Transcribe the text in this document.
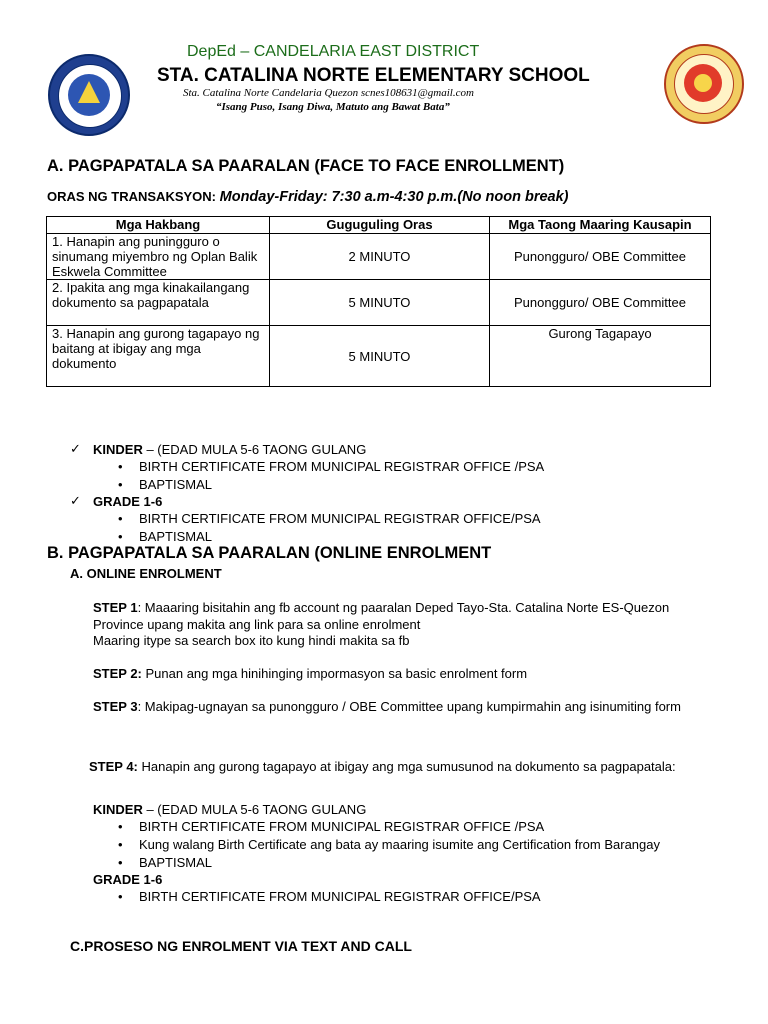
DepEd – CANDELARIA EAST DISTRICT
STA. CATALINA NORTE ELEMENTARY SCHOOL
Sta. Catalina Norte Candelaria Quezon scnes108631@gmail.com
“Isang Puso, Isang Diwa, Matuto ang Bawat Bata”
A. PAGPAPATALA SA PAARALAN (FACE TO FACE ENROLLMENT)
ORAS NG TRANSAKSYON: Monday-Friday: 7:30 a.m-4:30 p.m.(No noon break)
Mga Hakbang	Guguguling Oras	Mga Taong Maaring Kausapin
1. Hanapin ang puningguro o sinumang miyembro ng Oplan Balik Eskwela Committee	2 MINUTO	Punongguro/ OBE Committee
2. Ipakita ang mga kinakailangang dokumento sa pagpapatala	5 MINUTO	Punongguro/ OBE Committee
3. Hanapin ang gurong tagapayo ng baitang at ibigay ang mga dokumento	5 MINUTO	Gurong Tagapayo
✓ KINDER – (EDAD MULA 5-6 TAONG GULANG
• BIRTH CERTIFICATE FROM MUNICIPAL REGISTRAR OFFICE /PSA
• BAPTISMAL
✓ GRADE 1-6
• BIRTH CERTIFICATE FROM MUNICIPAL REGISTRAR OFFICE/PSA
• BAPTISMAL
B. PAGPAPATALA SA PAARALAN (ONLINE ENROLMENT
A. ONLINE ENROLMENT
STEP 1: Maaaring bisitahin ang fb account ng paaralan Deped Tayo-Sta. Catalina Norte ES-Quezon Province upang makita ang link para sa online enrolment
Maaring itype sa search box ito kung hindi makita sa fb
STEP 2: Punan ang mga hinihinging impormasyon sa basic enrolment form
STEP 3: Makipag-ugnayan sa punongguro / OBE Committee upang kumpirmahin ang isinumiting form
STEP 4: Hanapin ang gurong tagapayo at ibigay ang mga sumusunod na dokumento sa pagpapatala:
KINDER – (EDAD MULA 5-6 TAONG GULANG
• BIRTH CERTIFICATE FROM MUNICIPAL REGISTRAR OFFICE /PSA
• Kung walang Birth Certificate ang bata ay maaring isumite ang Certification from Barangay
• BAPTISMAL
GRADE 1-6
• BIRTH CERTIFICATE FROM MUNICIPAL REGISTRAR OFFICE/PSA
C.PROSESO NG ENROLMENT VIA TEXT AND CALL
